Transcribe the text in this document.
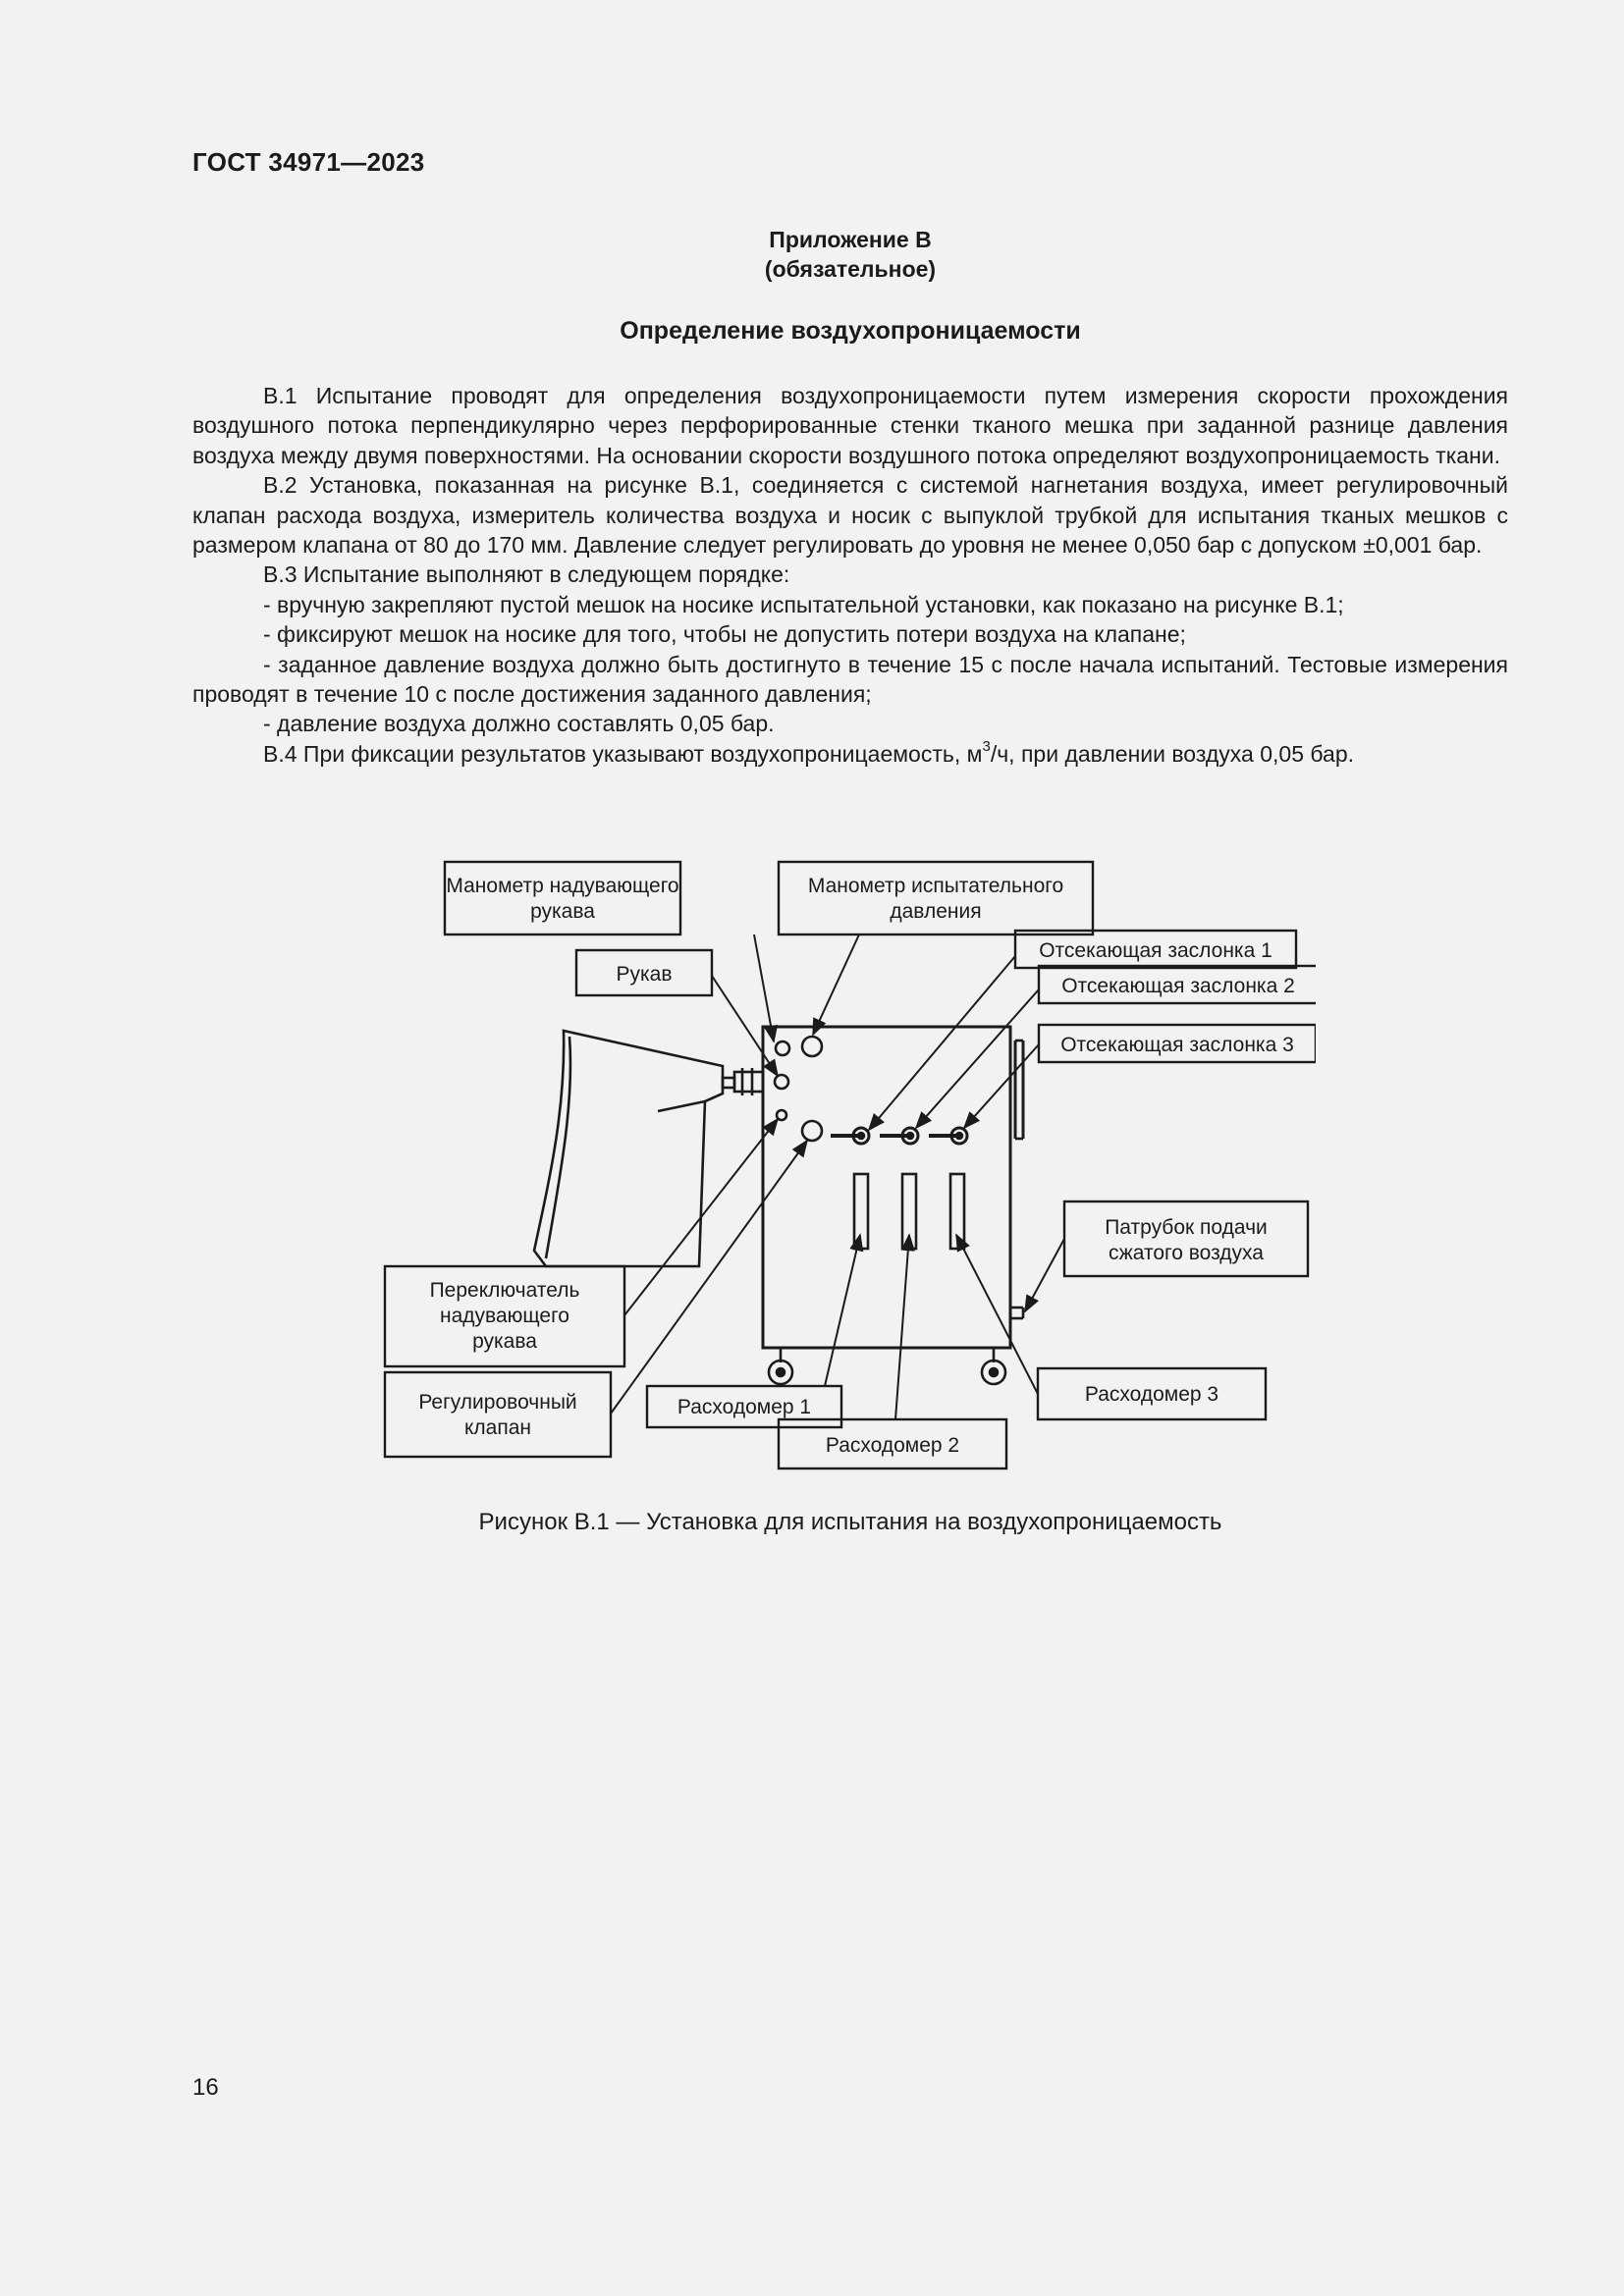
ГОСТ 34971—2023
Приложение В
(обязательное)
Определение воздухопроницаемости

В.1 Испытание проводят для определения воздухопроницаемости путем измерения скорости прохождения воздушного потока перпендикулярно через перфорированные стенки тканого мешка при заданной разнице давления воздуха между двумя поверхностями. На основании скорости воздушного потока определяют воздухопроницаемость ткани.

В.2 Установка, показанная на рисунке В.1, соединяется с системой нагнетания воздуха, имеет регулировочный клапан расхода воздуха, измеритель количества воздуха и носик с выпуклой трубкой для испытания тканых мешков с размером клапана от 80 до 170 мм. Давление следует регулировать до уровня не менее 0,050 бар с допуском ±0,001 бар.

В.3 Испытание выполняют в следующем порядке:

- вручную закрепляют пустой мешок на носике испытательной установки, как показано на рисунке В.1;

- фиксируют мешок на носике для того, чтобы не допустить потери воздуха на клапане;

- заданное давление воздуха должно быть достигнуто в течение 15 с после начала испытаний. Тестовые измерения проводят в течение 10 с после достижения заданного давления;

- давление воздуха должно составлять 0,05 бар.

В.4 При фиксации результатов указывают воздухопроницаемость, $м^3/ч$, при давлении воздуха 0,05 бар.

Манометр надувающего
рукава
Манометр испытательного
давления
Рукав
Отсекающая заслонка 1
Отсекающая заслонка 2
Отсекающая заслонка 3
Патрубок подачи
сжатого воздуха
Переключатель
надувающего
рукава
Регулировочный
клапан
Расходомер 1
Расходомер 2
Расходомер 3
Рисунок В.1 — Установка для испытания на воздухопроницаемость
16
